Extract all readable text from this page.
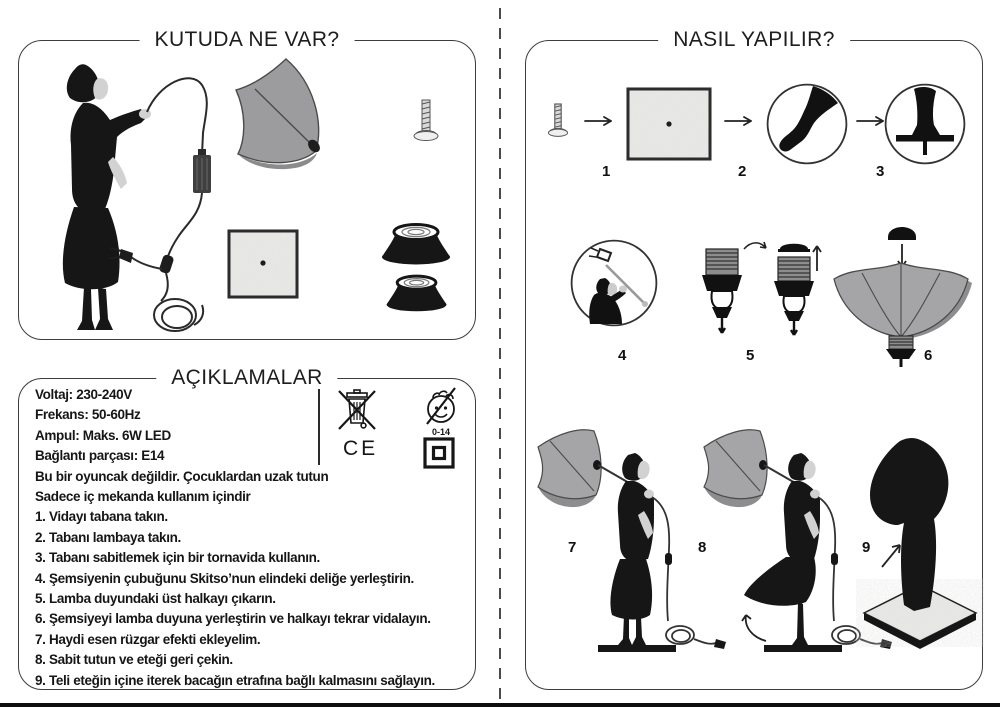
KUTUDA NE VAR?
AÇIKLAMALAR
Voltaj: 230-240V
Frekans: 50-60Hz
Ampul: Maks. 6W LED
Bağlantı parçası: E14
Bu bir oyuncak değildir. Çocuklardan uzak tutun
Sadece iç mekanda kullanım içindir
1. Vidayı tabana takın.
2. Tabanı lambaya takın.
3. Tabanı sabitlemek için bir tornavida kullanın.
4. Şemsiyenin çubuğunu Skitso’nun elindeki deliğe yerleştirin.
5. Lamba duyundaki üst halkayı çıkarın.
6. Şemsiyeyi lamba duyuna yerleştirin ve halkayı tekrar vidalayın.
7. Haydi esen rüzgar efekti ekleyelim.
8. Sabit tutun ve eteği geri çekin.
9. Teli eteğin içine iterek bacağın etrafına bağlı kalmasını sağlayın.
0-14
CE
NASIL YAPILIR?
1	2	3
4	5	6
7	8	9
